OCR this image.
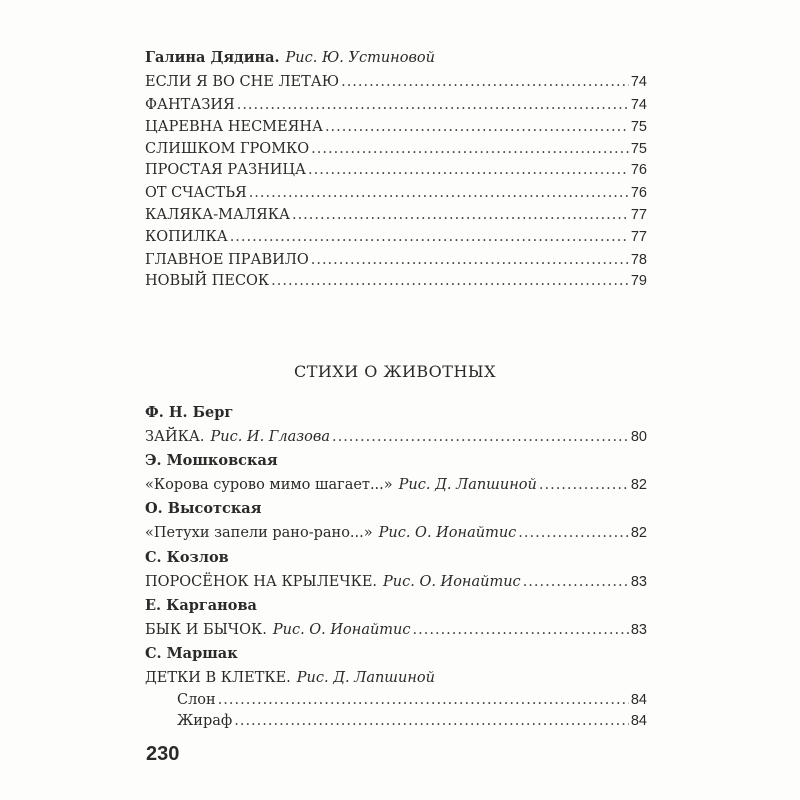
Галина Дядина. Рис. Ю. Устиновой
СТИХИ О ЖИВОТНЫХ
230
ЕСЛИ Я ВО СНЕ ЛЕТАЮ .....	74
ФАНТАЗИЯ .....	74
ЦАРЕВНА НЕСМЕЯНА .....	75
СЛИШКОМ ГРОМКО .....	75
ПРОСТАЯ РАЗНИЦА .....	76
ОТ СЧАСТЬЯ .....	76
КАЛЯКА-МАЛЯКА .....	77
КОПИЛКА .....	77
ГЛАВНОЕ ПРАВИЛО .....	78
НОВЫЙ ПЕСОК .....	79
Ф. Н. Берг
ЗАЙКА. Рис. И. Глазова .....	80
Э. Мошковская
«Корова сурово мимо шагает...» Рис. Д. Лапшиной .....	82
О. Высотская
«Петухи запели рано-рано...» Рис. О. Ионайтис .....	82
С. Козлов
ПОРОСЁНОК НА КРЫЛЕЧКЕ. Рис. О. Ионайтис .....	83
Е. Карганова
БЫК И БЫЧОК. Рис. О. Ионайтис .....	83
С. Маршак
ДЕТКИ В КЛЕТКЕ. Рис. Д. Лапшиной
Слон .....	84
Жираф .....	84
